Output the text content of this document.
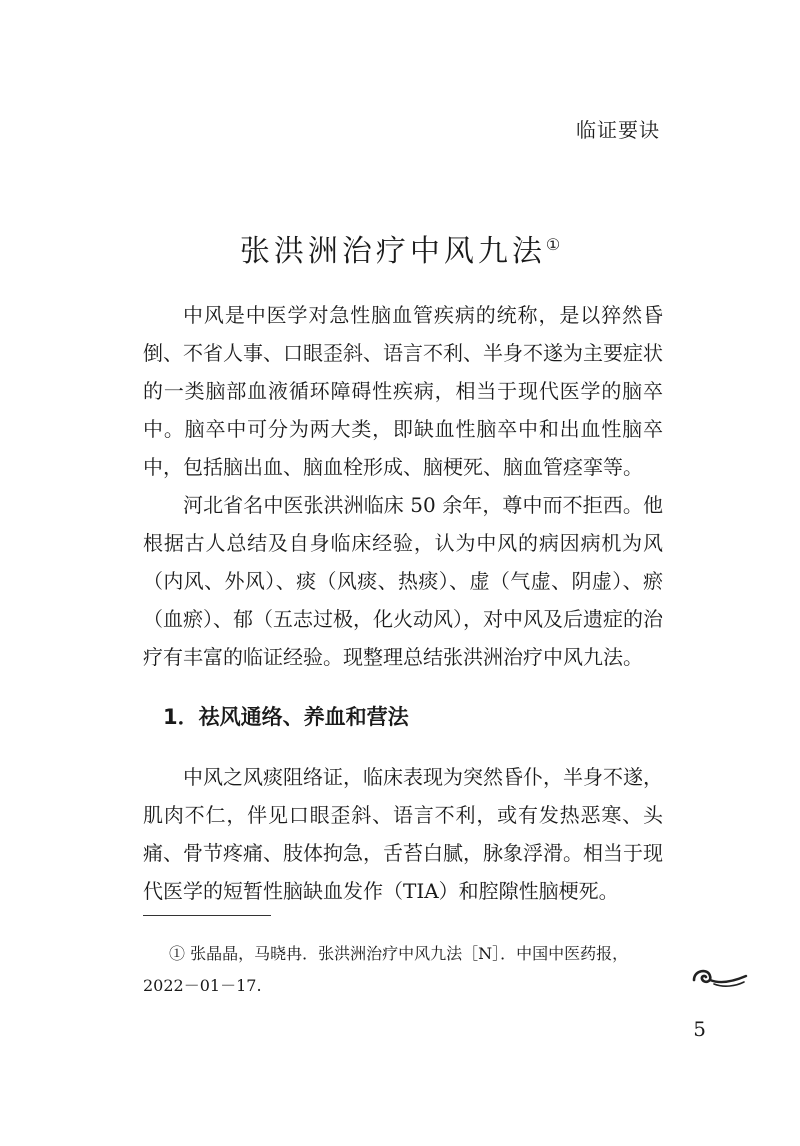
临证要诀
张洪洲治疗中风九法①

中风是中医学对急性脑血管疾病的统称，是以猝然昏倒、不省人事、口眼歪斜、语言不利、半身不遂为主要症状的一类脑部血液循环障碍性疾病，相当于现代医学的脑卒中。脑卒中可分为两大类，即缺血性脑卒中和出血性脑卒中，包括脑出血、脑血栓形成、脑梗死、脑血管痉挛等。

河北省名中医张洪洲临床 50 余年，尊中而不拒西。他根据古人总结及自身临床经验，认为中风的病因病机为风（内风、外风）、痰（风痰、热痰）、虚（气虚、阴虚）、瘀（血瘀）、郁（五志过极，化火动风），对中风及后遗症的治疗有丰富的临证经验。现整理总结张洪洲治疗中风九法。

1．祛风通络、养血和营法

中风之风痰阻络证，临床表现为突然昏仆，半身不遂，肌肉不仁，伴见口眼歪斜、语言不利，或有发热恶寒、头痛、骨节疼痛、肢体拘急，舌苔白腻，脉象浮滑。相当于现代医学的短暂性脑缺血发作（TIA）和腔隙性脑梗死。

① 张晶晶，马晓冉．张洪洲治疗中风九法［N］．中国中医药报，
2022－01－17.
5
